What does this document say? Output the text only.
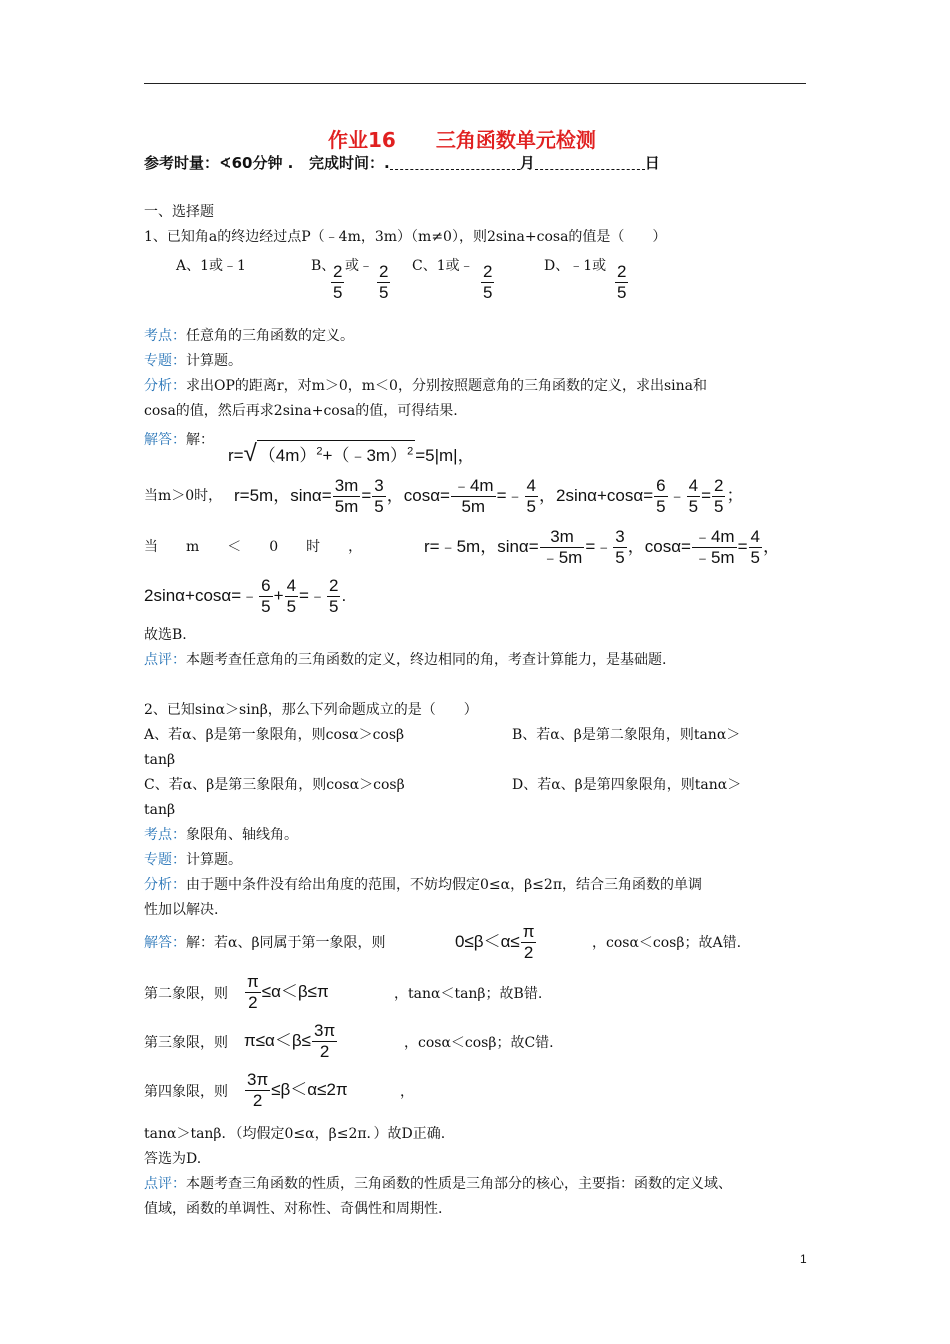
作业16　　三角函数单元检测
参考时量：∢60分钟 . 完成时间：.	月	日
一、选择题
1、已知角a的终边经过点P（﹣4m，3m）（m≠0），则2sina+cosa的值是（　　）
A、1或﹣1	B、
$\frac{2}{5}$ 或﹣ $\frac{2}{5}$ C、1或﹣ $\frac{2}{5}$	D、﹣1或 $\frac{2}{5}$
考点：任意角的三角函数的定义。
专题：计算题。
分析：求出OP的距离r，对m＞0，m＜0，分别按照题意角的三角函数的定义，求出sina和
cosa的值，然后再求2sina+cosa的值，可得结果.
解答：解：
r=√ $(4m)^2+(﹣3m)^2 =5|m|$，
当m＞0时， r=5m，$\sin\alpha= \frac{3m}{5m} = \frac{3}{5}$ ，$\cos\alpha= \frac{﹣4m}{5m}$ =﹣ $\frac{4}{5}$ ，$2\sin\alpha+\cos\alpha= \frac{6}{5}$ ﹣ $\frac{4}{5} = \frac{2}{5}$ ；
当　　m　　＜　　0　　时　　，	r=﹣5m，$\sin\alpha= \frac{3m}{﹣5m}$ =﹣ $\frac{3}{5}$ ，$\cos\alpha= \frac{﹣4m}{﹣5m} = \frac{4}{5}$ ，
2sinα+cosα=﹣ $\frac{6}{5} + \frac{4}{5}$ =﹣ $\frac{2}{5}$ .
故选B.
点评：本题考查任意角的三角函数的定义，终边相同的角，考查计算能力，是基础题.
2、已知sinα＞sinβ，那么下列命题成立的是（　　）
A、若α、β是第一象限角，则cosα＞cosβ	B、若α、β是第二象限角，则tanα＞
tanβ
C、若α、β是第三象限角，则cosα＞cosβ	D、若α、β是第四象限角，则tanα＞
tanβ
考点：象限角、轴线角。
专题：计算题。
分析：由于题中条件没有给出角度的范围，不妨均假定0≤α，β≤2π，结合三角函数的单调
性加以解决.
解答：解：若α、β同属于第一象限，则	$0\le\beta<\alpha\le \frac{\pi}{2}$	，cosα＜cosβ；故A错.
第二象限，则 $\frac{\pi}{2} \le\alpha<\beta\le\pi$	，tanα＜tanβ；故B错.
第三象限，则 $\pi\le\alpha<\beta\le \frac{3\pi}{2}$	，cosα＜cosβ；故C错.
第四象限，则 $\frac{3\pi}{2} \le\beta<\alpha\le 2\pi$	，
tanα＞tanβ．（均假定0≤α，β≤2π．）故D正确.
答选为D.
点评：本题考查三角函数的性质，三角函数的性质是三角部分的核心，主要指：函数的定义域、
值域，函数的单调性、对称性、奇偶性和周期性.
1
